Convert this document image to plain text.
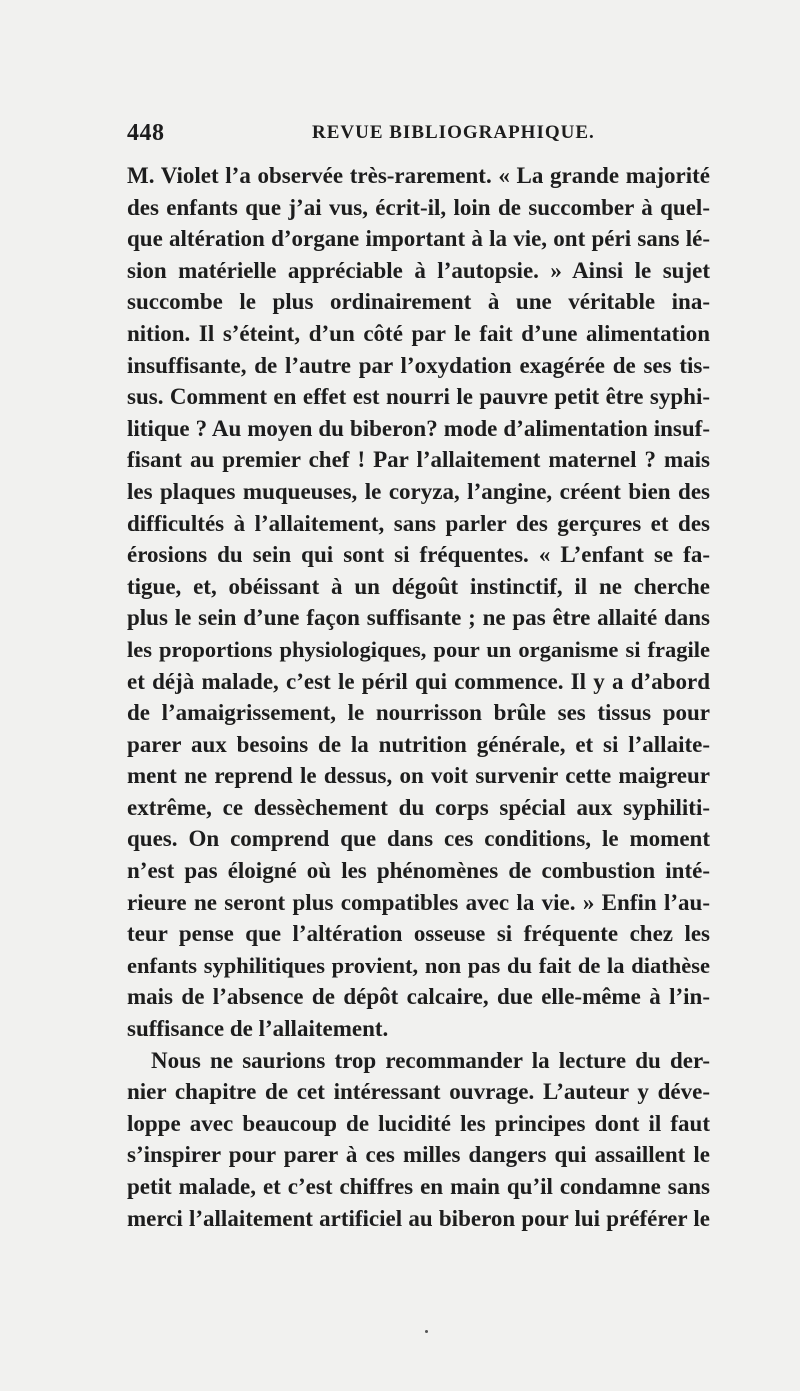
448	REVUE BIBLIOGRAPHIQUE.
M. Violet l’a observée très-rarement. « La grande majorité
des enfants que j’ai vus, écrit-il, loin de succomber à quel-
que altération d’organe important à la vie, ont péri sans lé-
sion matérielle appréciable à l’autopsie. » Ainsi le sujet
succombe le plus ordinairement à une véritable ina-
nition. Il s’éteint, d’un côté par le fait d’une alimentation
insuffisante, de l’autre par l’oxydation exagérée de ses tis-
sus. Comment en effet est nourri le pauvre petit être syphi-
litique ? Au moyen du biberon? mode d’alimentation insuf-
fisant au premier chef ! Par l’allaitement maternel ? mais
les plaques muqueuses, le coryza, l’angine, créent bien des
difficultés à l’allaitement, sans parler des gerçures et des
érosions du sein qui sont si fréquentes. « L’enfant se fa-
tigue, et, obéissant à un dégoût instinctif, il ne cherche
plus le sein d’une façon suffisante ; ne pas être allaité dans
les proportions physiologiques, pour un organisme si fragile
et déjà malade, c’est le péril qui commence. Il y a d’abord
de l’amaigrissement, le nourrisson brûle ses tissus pour
parer aux besoins de la nutrition générale, et si l’allaite-
ment ne reprend le dessus, on voit survenir cette maigreur
extrême, ce dessèchement du corps spécial aux syphiliti-
ques. On comprend que dans ces conditions, le moment
n’est pas éloigné où les phénomènes de combustion inté-
rieure ne seront plus compatibles avec la vie. » Enfin l’au-
teur pense que l’altération osseuse si fréquente chez les
enfants syphilitiques provient, non pas du fait de la diathèse
mais de l’absence de dépôt calcaire, due elle-même à l’in-
suffisance de l’allaitement.
Nous ne saurions trop recommander la lecture du der-
nier chapitre de cet intéressant ouvrage. L’auteur y déve-
loppe avec beaucoup de lucidité les principes dont il faut
s’inspirer pour parer à ces milles dangers qui assaillent le
petit malade, et c’est chiffres en main qu’il condamne sans
merci l’allaitement artificiel au biberon pour lui préférer le
